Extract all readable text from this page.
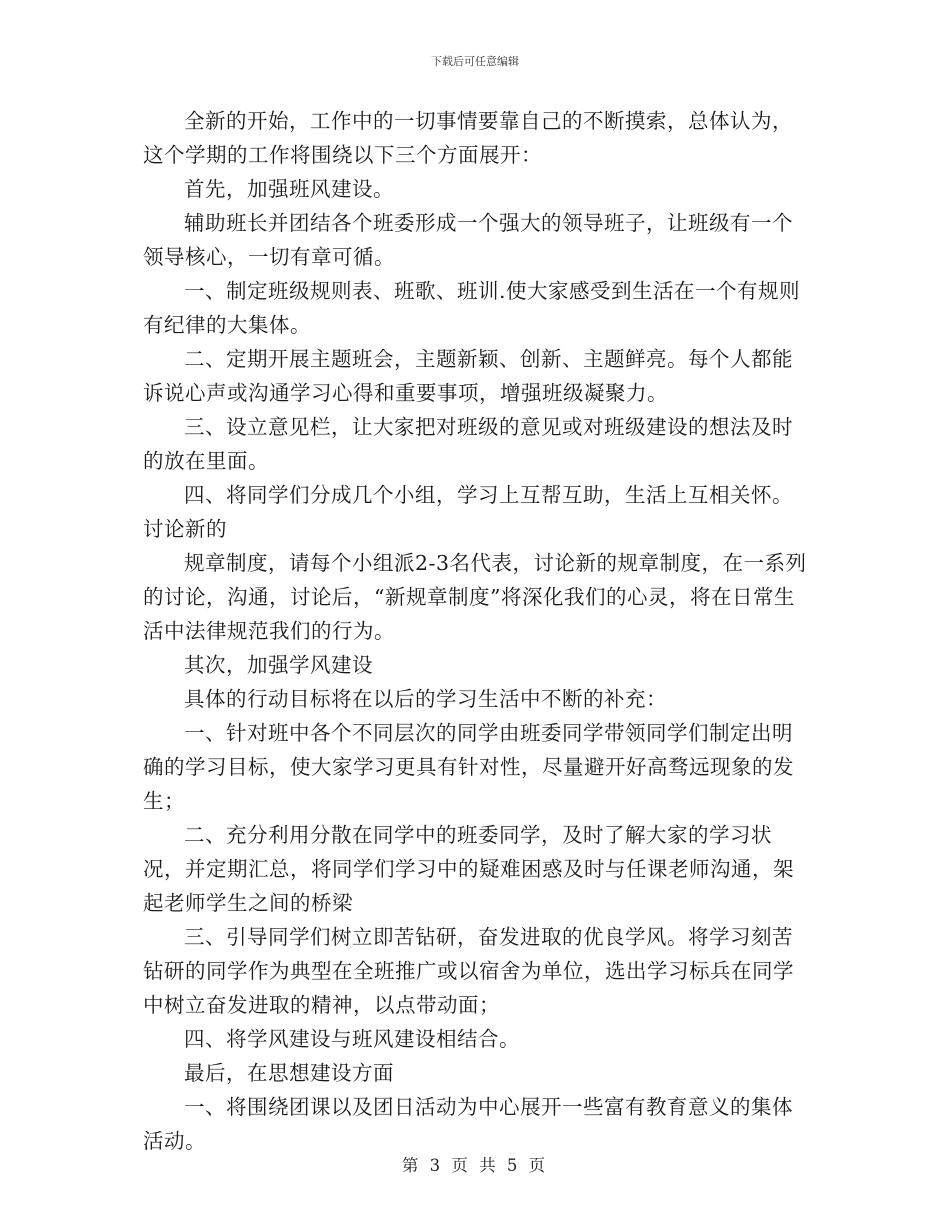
下载后可任意编辑

全新的开始，工作中的一切事情要靠自己的不断摸索，总体认为，这个学期的工作将围绕以下三个方面展开：

首先，加强班风建设。

辅助班长并团结各个班委形成一个强大的领导班子，让班级有一个领导核心，一切有章可循。

一、制定班级规则表、班歌、班训.使大家感受到生活在一个有规则有纪律的大集体。

二、定期开展主题班会，主题新颖、创新、主题鲜亮。每个人都能诉说心声或沟通学习心得和重要事项，增强班级凝聚力。

三、设立意见栏，让大家把对班级的意见或对班级建设的想法及时的放在里面。

四、将同学们分成几个小组，学习上互帮互助，生活上互相关怀。讨论新的

规章制度，请每个小组派2-3名代表，讨论新的规章制度，在一系列的讨论，沟通，讨论后，“新规章制度”将深化我们的心灵，将在日常生活中法律规范我们的行为。

其次，加强学风建设

具体的行动目标将在以后的学习生活中不断的补充：

一、针对班中各个不同层次的同学由班委同学带领同学们制定出明确的学习目标，使大家学习更具有针对性，尽量避开好高骛远现象的发生；

二、充分利用分散在同学中的班委同学，及时了解大家的学习状况，并定期汇总，将同学们学习中的疑难困惑及时与任课老师沟通，架起老师学生之间的桥梁

三、引导同学们树立即苦钻研，奋发进取的优良学风。将学习刻苦钻研的同学作为典型在全班推广或以宿舍为单位，选出学习标兵在同学中树立奋发进取的精神，以点带动面；

四、将学风建设与班风建设相结合。

最后，在思想建设方面

一、将围绕团课以及团日活动为中心展开一些富有教育意义的集体活动。

第 3 页 共 5 页
